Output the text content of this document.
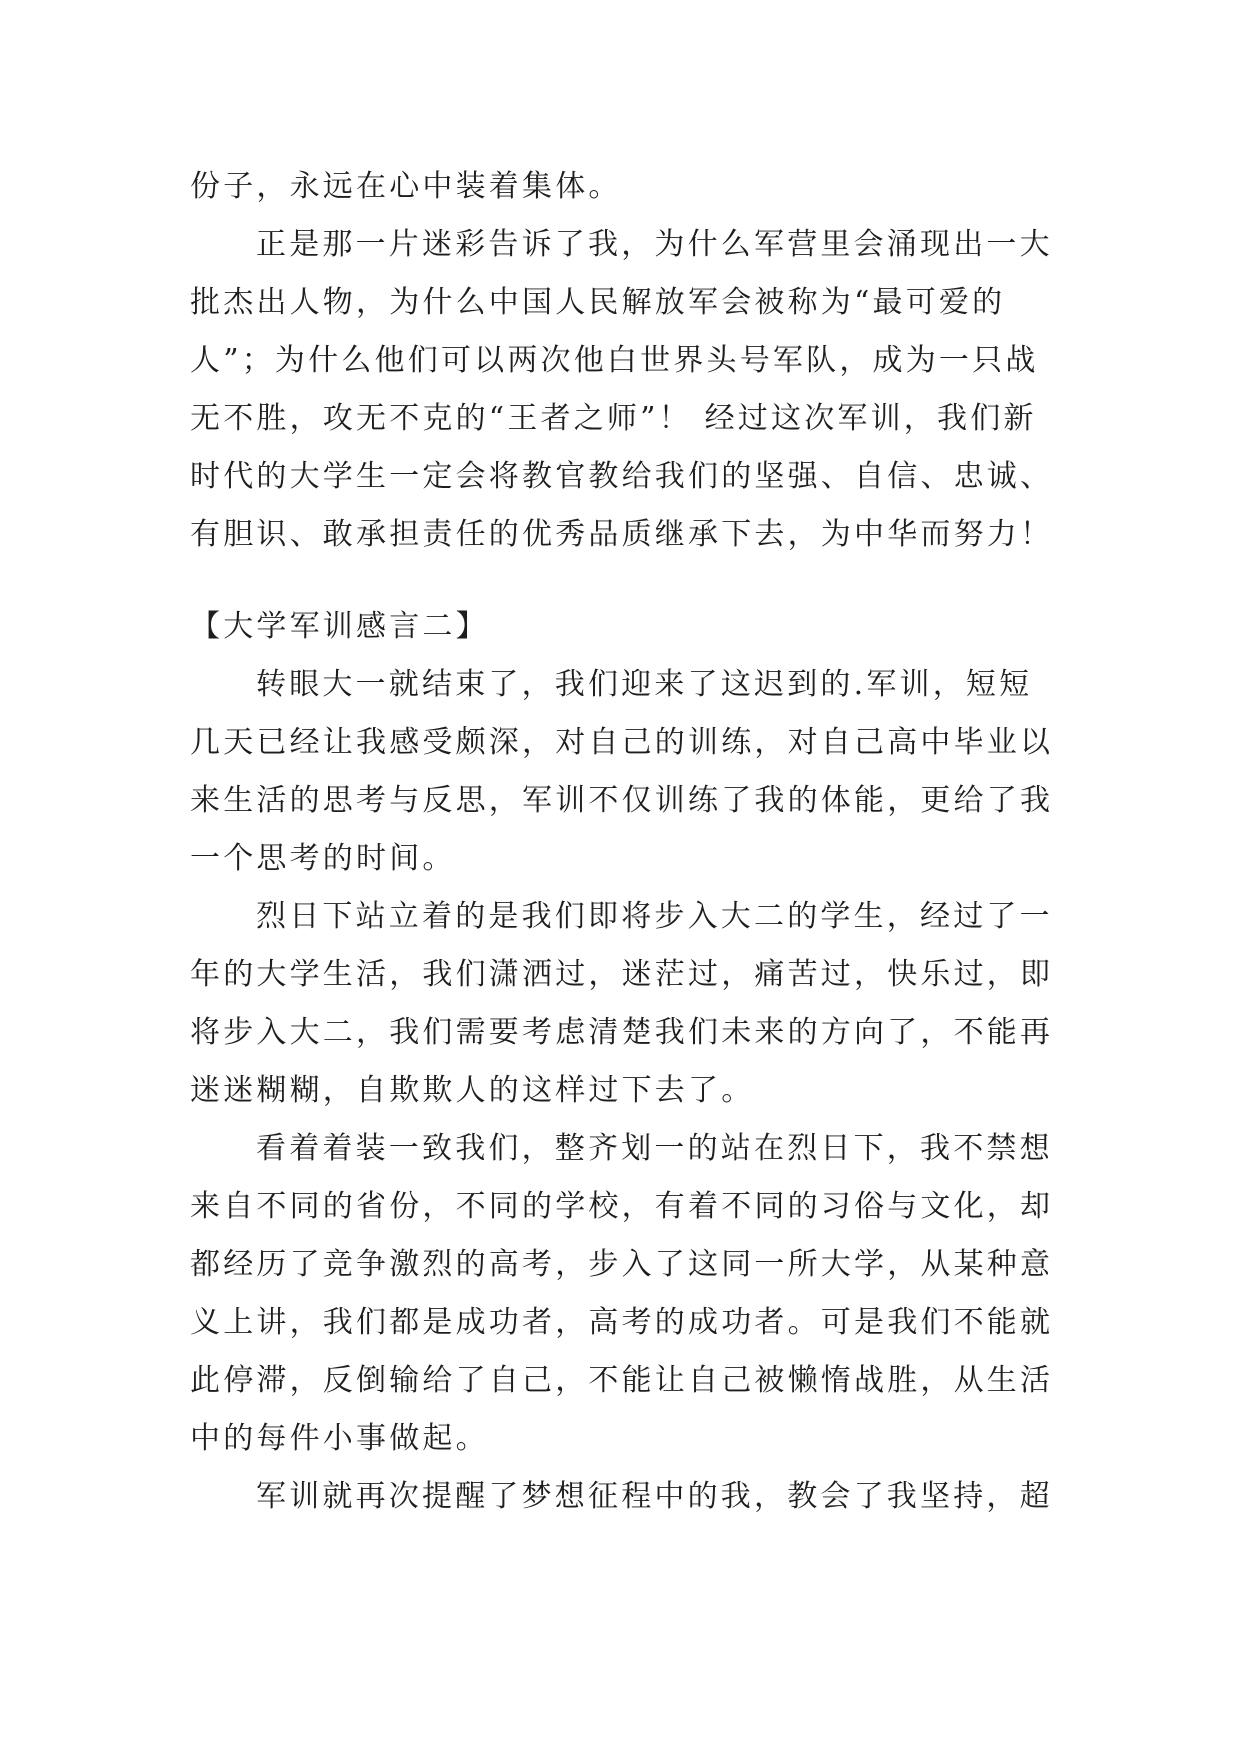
份子，永远在心中装着集体。
正是那一片迷彩告诉了我，为什么军营里会涌现出一大
批杰出人物，为什么中国人民解放军会被称为“最可爱的
人”；为什么他们可以两次他白世界头号军队，成为一只战
无不胜，攻无不克的“王者之师”！ 经过这次军训，我们新
时代的大学生一定会将教官教给我们的坚强、自信、忠诚、
有胆识、敢承担责任的优秀品质继承下去，为中华而努力！
【大学军训感言二】
转眼大一就结束了，我们迎来了这迟到的.军训，短短
几天已经让我感受颇深，对自己的训练，对自己高中毕业以
来生活的思考与反思，军训不仅训练了我的体能，更给了我
一个思考的时间。
烈日下站立着的是我们即将步入大二的学生，经过了一
年的大学生活，我们潇洒过，迷茫过，痛苦过，快乐过，即
将步入大二，我们需要考虑清楚我们未来的方向了，不能再
迷迷糊糊，自欺欺人的这样过下去了。
看着着装一致我们，整齐划一的站在烈日下，我不禁想
来自不同的省份，不同的学校，有着不同的习俗与文化，却
都经历了竞争激烈的高考，步入了这同一所大学，从某种意
义上讲，我们都是成功者，高考的成功者。可是我们不能就
此停滞，反倒输给了自己，不能让自己被懒惰战胜，从生活
中的每件小事做起。
军训就再次提醒了梦想征程中的我，教会了我坚持，超
